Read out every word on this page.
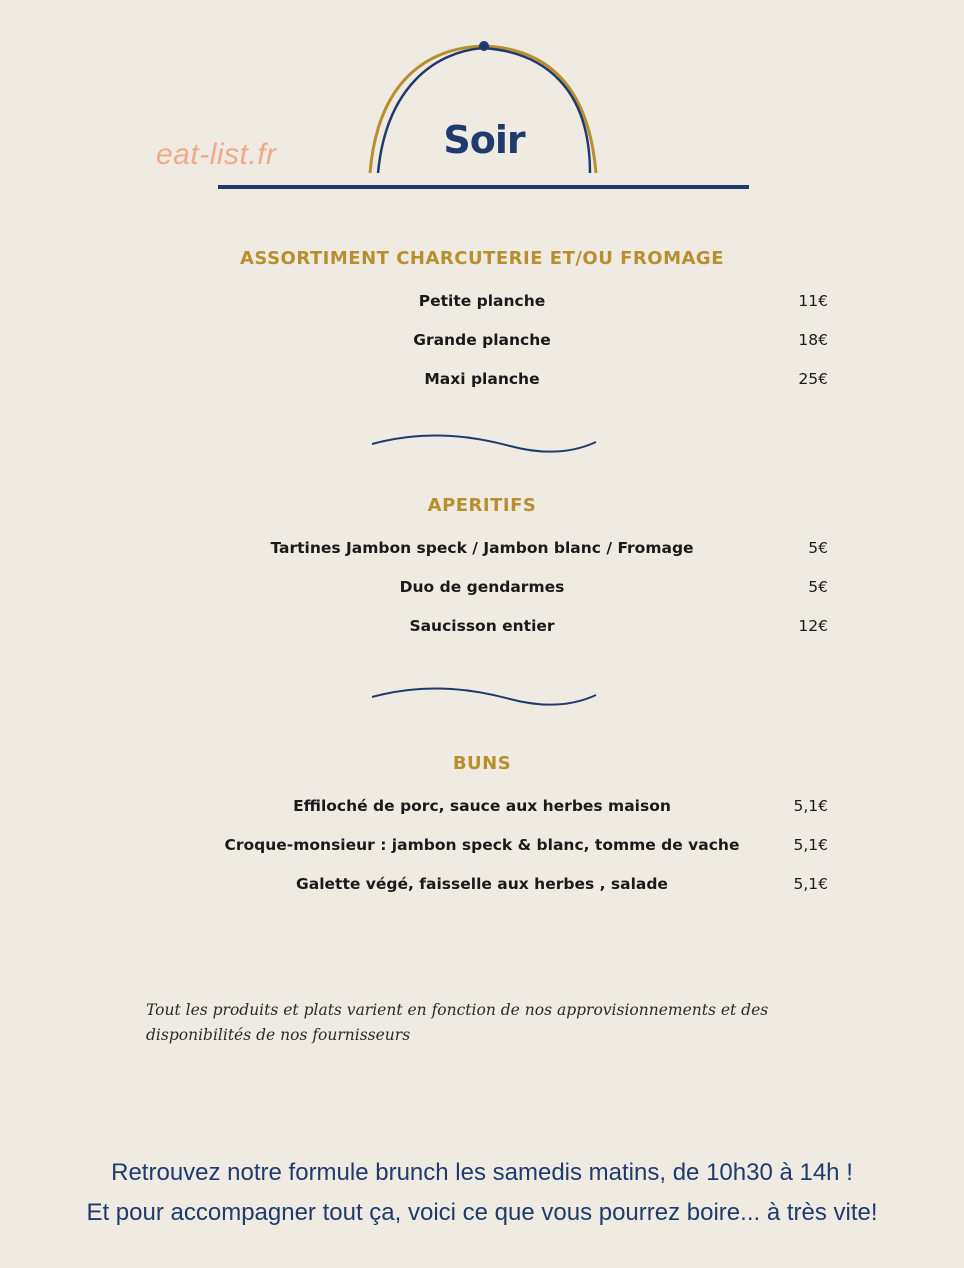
eat-list.fr	Soir
ASSORTIMENT CHARCUTERIE ET/OU FROMAGE
Petite planche	11€
Grande planche	18€
Maxi planche	25€
APERITIFS
Tartines Jambon speck / Jambon blanc / Fromage	5€
Duo de gendarmes	5€
Saucisson entier	12€
BUNS
Effiloché de porc, sauce aux herbes maison	5,1€
Croque-monsieur : jambon speck & blanc, tomme de vache	5,1€
Galette végé, faisselle aux herbes , salade	5,1€
Tout les produits et plats varient en fonction de nos approvisionnements et des
disponibilités de nos fournisseurs
Retrouvez notre formule brunch les samedis matins, de 10h30 à 14h !
Et pour accompagner tout ça, voici ce que vous pourrez boire... à très vite!
